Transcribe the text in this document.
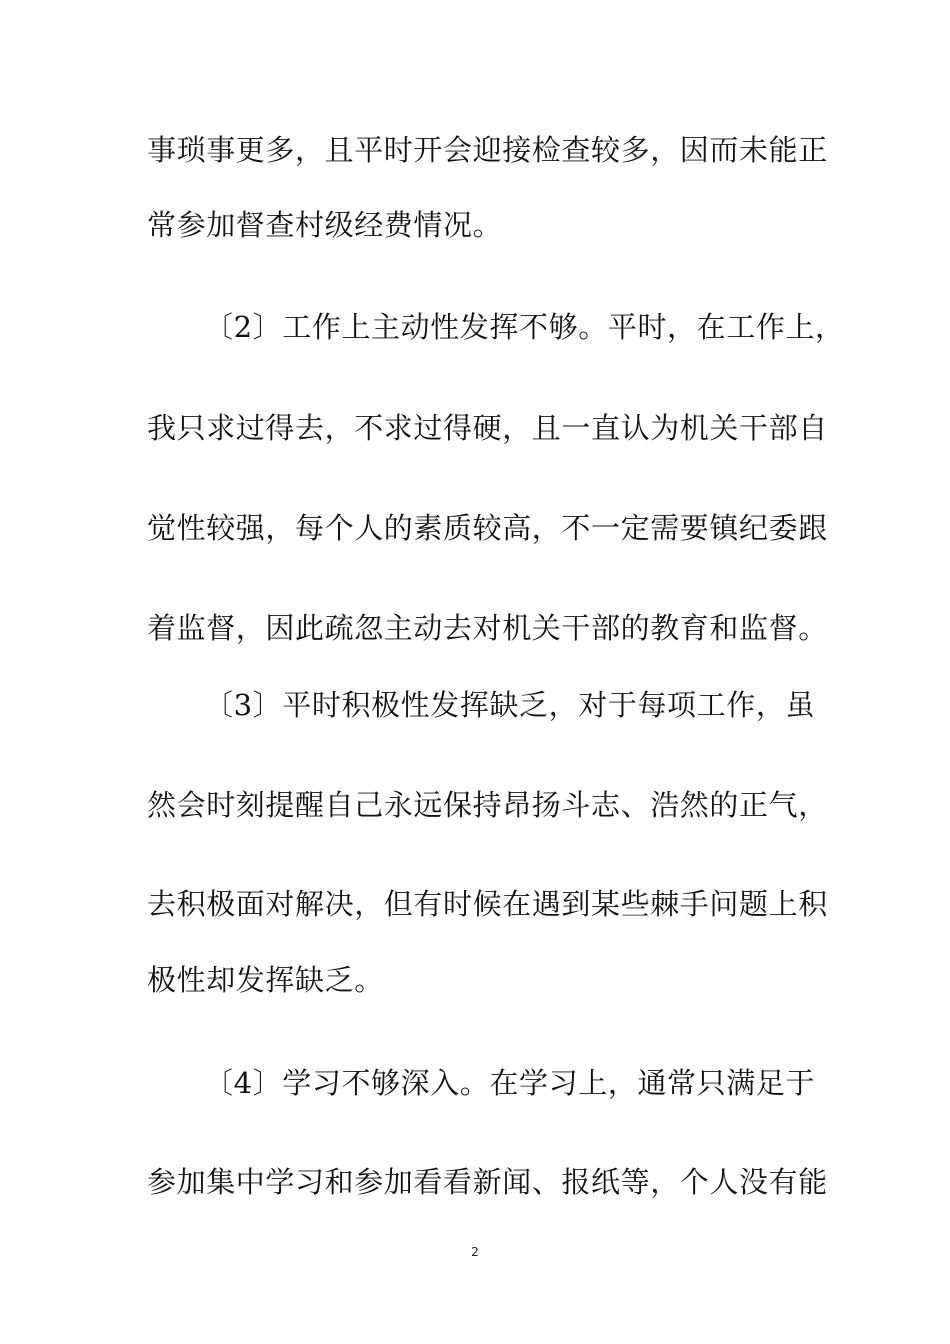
事琐事更多，且平时开会迎接检查较多，因而未能正
常参加督查村级经费情况。
〔2〕工作上主动性发挥不够。平时，在工作上，
我只求过得去，不求过得硬，且一直认为机关干部自
觉性较强，每个人的素质较高，不一定需要镇纪委跟
着监督，因此疏忽主动去对机关干部的教育和监督。
〔3〕平时积极性发挥缺乏，对于每项工作，虽
然会时刻提醒自己永远保持昂扬斗志、浩然的正气，
去积极面对解决，但有时候在遇到某些棘手问题上积
极性却发挥缺乏。
〔4〕学习不够深入。在学习上，通常只满足于
参加集中学习和参加看看新闻、报纸等，个人没有能
2
